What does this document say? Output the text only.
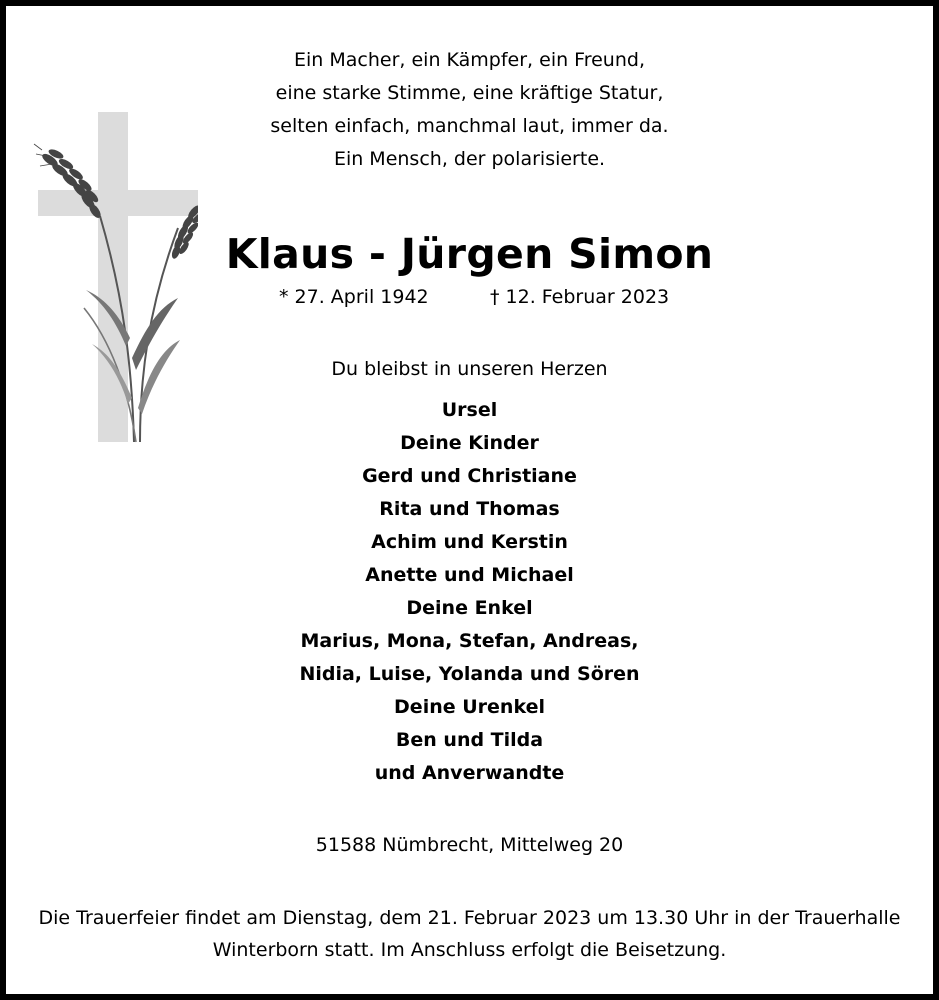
Ein Macher, ein Kämpfer, ein Freund,
eine starke Stimme, eine kräftige Statur,
selten einfach, manchmal laut, immer da.
Ein Mensch, der polarisierte.
Klaus - Jürgen Simon
* 27. April 1942	† 12. Februar 2023
Du bleibst in unseren Herzen
Ursel
Deine Kinder
Gerd und Christiane
Rita und Thomas
Achim und Kerstin
Anette und Michael
Deine Enkel
Marius, Mona, Stefan, Andreas,
Nidia, Luise, Yolanda und Sören
Deine Urenkel
Ben und Tilda
und Anverwandte
51588 Nümbrecht, Mittelweg 20
Die Trauerfeier findet am Dienstag, dem 21. Februar 2023 um 13.30 Uhr in der Trauerhalle
Winterborn statt. Im Anschluss erfolgt die Beisetzung.
